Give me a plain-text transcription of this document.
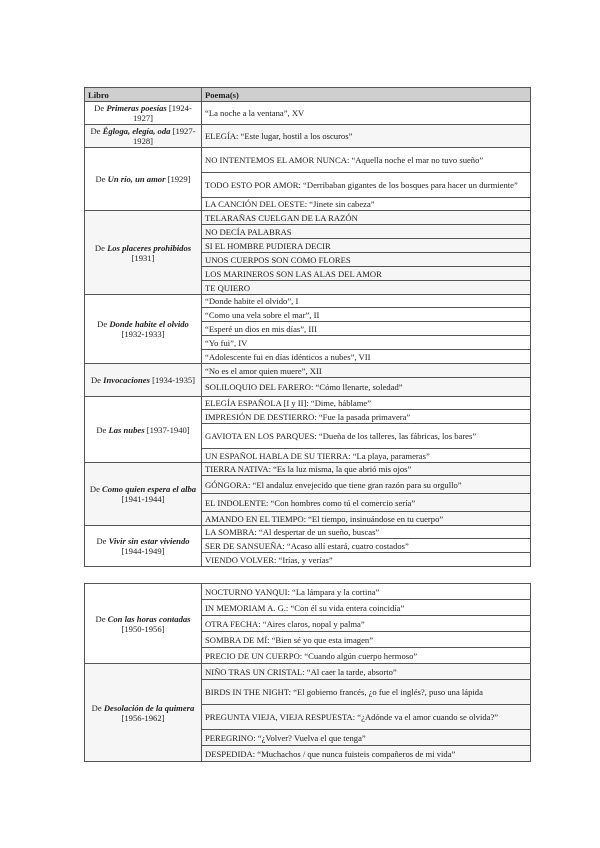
Libro	Poema(s)
De Primeras poesías [1924-1927]	“La noche a la ventana”, XV
De Égloga, elegía, oda [1927-1928]	ELEGÍA: “Este lugar, hostil a los oscuros”
De Un río, un amor [1929]	NO INTENTEMOS EL AMOR NUNCA: “Aquella noche el mar no tuvo sueño”
	TODO ESTO POR AMOR: “Derribaban gigantes de los bosques para hacer un durmiente”
	LA CANCIÓN DEL OESTE: “Jinete sin cabeza”
De Los placeres prohibidos [1931]	TELARAÑAS CUELGAN DE LA RAZÓN
	NO DECÍA PALABRAS
	SI EL HOMBRE PUDIERA DECIR
	UNOS CUERPOS SON COMO FLORES
	LOS MARINEROS SON LAS ALAS DEL AMOR
	TE QUIERO
De Donde habite el olvido [1932-1933]	“Donde habite el olvido”, I
	“Como una vela sobre el mar”, II
	“Esperé un dios en mis días”, III
	“Yo fui”, IV
	“Adolescente fui en días idénticos a nubes”, VII
De Invocaciones [1934-1935]	“No es el amor quien muere”, XII
	SOLILOQUIO DEL FARERO: “Cómo llenarte, soledad”
De Las nubes [1937-1940]	ELEGÍA ESPAÑOLA [I y II]: “Dime, háblame”
	IMPRESIÓN DE DESTIERRO: “Fue la pasada primavera”
	GAVIOTA EN LOS PARQUES: “Dueña de los talleres, las fábricas, los bares”
	UN ESPAÑOL HABLA DE SU TIERRA: “La playa, parameras”
De Como quien espera el alba [1941-1944]	TIERRA NATIVA: “Es la luz misma, la que abrió mis ojos”
	GÓNGORA: “El andaluz envejecido que tiene gran razón para su orgullo”
	EL INDOLENTE: “Con hombres como tú el comercio sería”
	AMANDO EN EL TIEMPO: “El tiempo, insinuándose en tu cuerpo”
De Vivir sin estar viviendo [1944-1949]	LA SOMBRA: “Al despertar de un sueño, buscas”
	SER DE SANSUEÑA: “Acaso allí estará, cuatro costados”
	VIENDO VOLVER: “Irías, y verías”
De Con las horas contadas [1950-1956]	NOCTURNO YANQUI: “La lámpara y la cortina”
	IN MEMORIAM A. G.: “Con él su vida entera coincidía”
	OTRA FECHA: “Aires claros, nopal y palma”
	SOMBRA DE MÍ: “Bien sé yo que esta imagen”
	PRECIO DE UN CUERPO: “Cuando algún cuerpo hermoso”
De Desolación de la quimera [1956-1962]	NIÑO TRAS UN CRISTAL: “Al caer la tarde, absorto”
	BIRDS IN THE NIGHT: “El gobierno francés, ¿o fue el inglés?, puso una lápida
	PREGUNTA VIEJA, VIEJA RESPUESTA: “¿Adónde va el amor cuando se olvida?”
	PEREGRINO: “¿Volver? Vuelva el que tenga”
	DESPEDIDA: “Muchachos / que nunca fuisteis compañeros de mi vida”
